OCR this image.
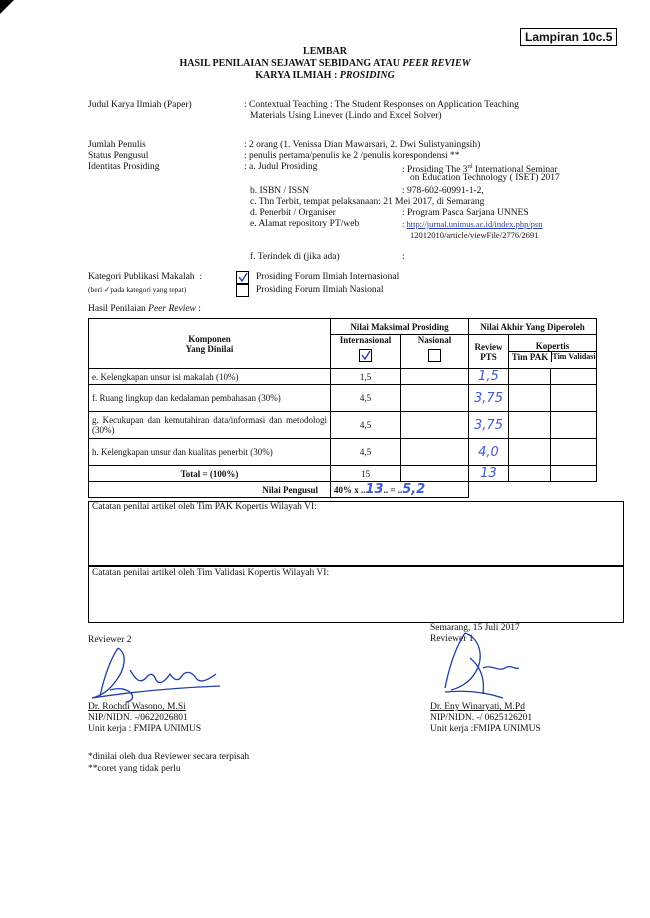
Lampiran 10c.5
LEMBAR
HASIL PENILAIAN SEJAWAT SEBIDANG ATAU PEER REVIEW
KARYA ILMIAH : PROSIDING
Judul Karya Ilmiah (Paper)	: Contextual Teaching : The Student Responses on Application Teaching
Materials Using Linever (Lindo and Excel Solver)
Jumlah Penulis	: 2 orang (1. Venissa Dian Mawarsari, 2. Dwi Sulistyaningsih)
Status Pengusul	: penulis pertama/penulis ke 2 /penulis korespondensi **
Identitas Prosiding	: a. Judul Prosiding	: Prosiding The 3rd International Seminar
on Education Technology ( ISET) 2017
b. ISBN / ISSN	: 978-602-60991-1-2,
c. Thn Terbit, tempat pelaksanaan: 21 Mei 2017, di Semarang
d. Penerbit / Organiser	: Program Pasca Sarjana UNNES
e. Alamat repository PT/web	: http://jurnal.unimus.ac.id/index.php/psn
12012010/article/viewFile/2776/2691
f. Terindek di (jika ada)	:
Kategori Publikasi Makalah  :
(beri ✓pada kategori yang tepat)
Prosiding Forum Ilmiah Internasional
Prosiding Forum Ilmiah Nasional
Hasil Penilaian Peer Review :
Komponen
Yang Dinilai	Nilai Maksimal Prosiding		Nilai Akhir Yang Diperoleh		

	Internasional	Nasional	Review PTS	Kopertis
Tim PAK Tim Validasi	

e. Kelengkapan unsur isi makalah (10%)	1,5		1,5		
f. Ruang lingkup dan kedalaman pembahasan (30%)	4,5		3,75		
g. Kecukupan dan kemutahiran data/informasi dan metodologi (30%)	4,5		3,75		
h. Kelengkapan unsur dan kualitas penerbit (30%)	4,5		4,0		
Total = (100%)	15		13		
Nilai Pengusul	40% x ..13.. = ..5,2				
Catatan penilai artikel oleh Tim PAK Kopertis Wilayah VI:
Catatan penilai artikel oleh Tim Validasi Kopertis Wilayah VI:
Reviewer 2
Dr. Rochdi Wasono, M.Si
NIP/NIDN. -/0622026801
Unit kerja : FMIPA UNIMUS
Semarang, 15 Juli 2017
Reviewer 1
Dr. Eny Winaryati, M.Pd
NIP/NIDN. -/ 0625126201
Unit kerja :FMIPA UNIMUS
*dinilai oleh dua Reviewer secara terpisah
**coret yang tidak perlu
